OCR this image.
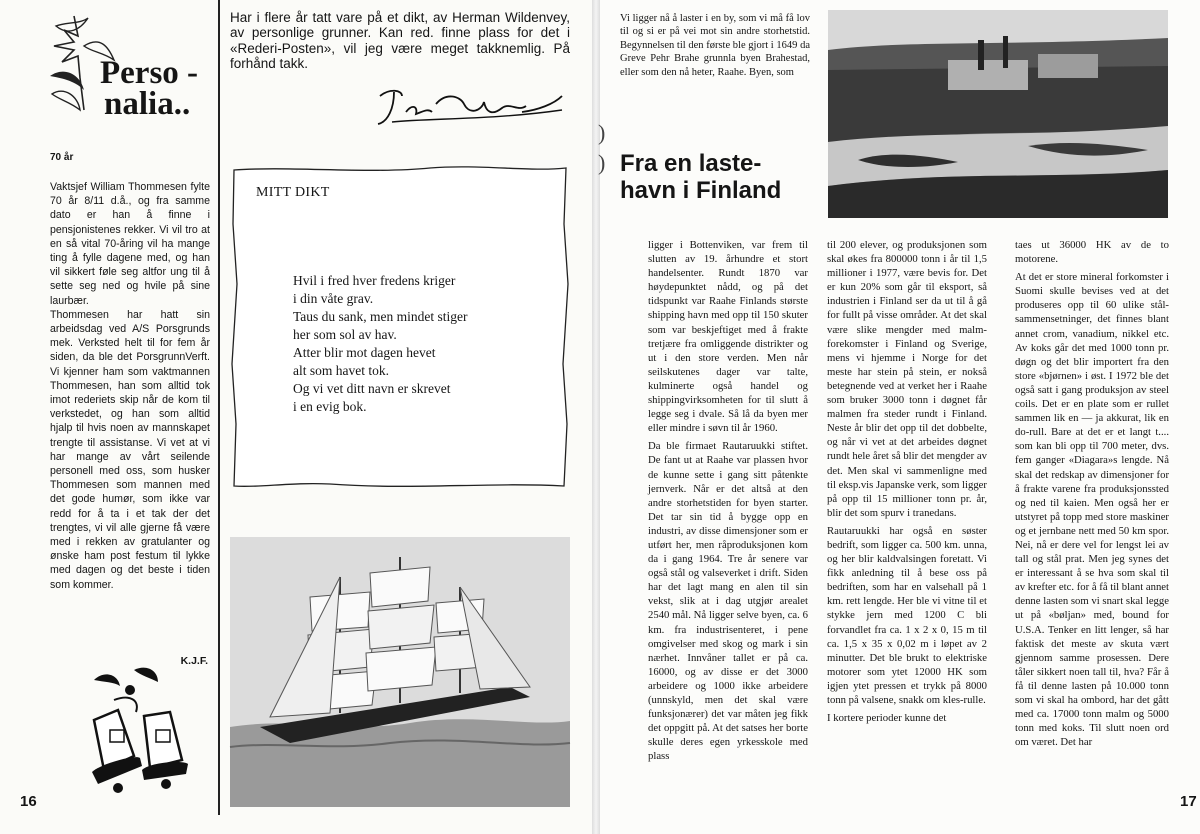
Perso -
nalia..
70 år

Vaktsjef William Thommesen fylte 70 år 8/11 d.å., og fra samme dato er han å finne i pensjonistenes rekker. Vi vil tro at en så vital 70-åring vil ha mange ting å fylle dagene med, og han vil sikkert føle seg altfor ung til å sette seg ned og hvile på sine laurbær.

Thommesen har hatt sin arbeidsdag ved A/S Porsgrunds mek. Verksted helt til for fem år siden, da ble det PorsgrunnVerft. Vi kjenner ham som vaktmannen Thommesen, han som alltid tok imot rederiets skip når de kom til verkstedet, og han som alltid hjalp til hvis noen av mannskapet trengte til assistanse. Vi vet at vi har mange av vårt seilende personell med oss, som husker Thommesen som mannen med det gode humør, som ikke var redd for å ta i et tak der det trengtes, vi vil alle gjerne få være med i rekken av gratulanter og ønske ham post festum til lykke med dagen og det beste i tiden som kommer.

K.J.F.
16
Har i flere år tatt vare på et dikt, av Herman Wildenvey, av personlige grunner. Kan red. finne plass for det i «Rederi-Posten», vil jeg være meget takknemlig. På forhånd takk.
MITT DIKT
Hvil i fred hver fredens kriger
i din våte grav.
Taus du sank, men mindet stiger
her som sol av hav.
Atter blir mot dagen hevet
alt som havet tok.
Og vi vet ditt navn er skrevet
i en evig bok.
Vi ligger nå å laster i en by, som vi må få lov til og si er på vei mot sin andre storhetstid. Begynnelsen til den første ble gjort i 1649 da Greve Pehr Brahe grunnla byen Brahestad, eller som den nå heter, Raahe. Byen, som
)
) Fra en laste-
havn i Finland

ligger i Bottenviken, var frem til slutten av 19. århundre et stort handelsenter. Rundt 1870 var høydepunktet nådd, og på det tidspunkt var Raahe Finlands største shipping havn med opp til 150 skuter som var beskjeftiget med å frakte tretjære fra omliggende distrikter og ut i den store verden. Men når seilskutenes dager var talte, kulminerte også handel og shippingvirksomheten for til slutt å legge seg i dvale. Så lå da byen mer eller mindre i søvn til år 1960.

Da ble firmaet Rautaruukki stiftet. De fant ut at Raahe var plassen hvor de kunne sette i gang sitt påtenkte jernverk. Når er det altså at den andre storhetstiden for byen starter. Det tar sin tid å bygge opp en industri, av disse dimensjoner som er utført her, men råproduksjonen kom da i gang 1964. Tre år senere var også stål og valseverket i drift. Siden har det lagt mang en alen til sin vekst, slik at i dag utgjør arealet 2540 mål. Nå ligger selve byen, ca. 6 km. fra industrisenteret, i pene omgivelser med skog og mark i sin nærhet. Innvåner tallet er på ca. 16000, og av disse er det 3000 arbeidere og 1000 ikke arbeidere (unnskyld, men det skal være funksjonærer) det var måten jeg fikk det oppgitt på. At det satses her borte skulle deres egen yrkesskole med plass

til 200 elever, og produksjonen som skal økes fra 800000 tonn i år til 1,5 millioner i 1977, være bevis for. Det er kun 20% som går til eksport, så industrien i Finland ser da ut til å gå for fullt på visse områder. At det skal være slike mengder med malm-forekomster i Finland og Sverige, mens vi hjemme i Norge for det meste har stein på stein, er nokså betegnende ved at verket her i Raahe som bruker 3000 tonn i døgnet får malmen fra steder rundt i Finland. Neste år blir det opp til det dobbelte, og når vi vet at det arbeides døgnet rundt hele året så blir det mengder av det. Men skal vi sammenligne med til eksp.vis Japanske verk, som ligger på opp til 15 millioner tonn pr. år, blir det som spurv i tranedans.

Rautaruukki har også en søster bedrift, som ligger ca. 500 km. unna, og her blir kaldvalsingen foretatt. Vi fikk anledning til å bese oss på bedriften, som har en valsehall på 1 km. rett lengde. Her ble vi vitne til et stykke jern med 1200 C bli forvandlet fra ca. 1 x 2 x 0, 15 m til ca. 1,5 x 35 x 0,02 m i løpet av 2 minutter. Det ble brukt to elektriske motorer som ytet 12000 HK som igjen ytet pressen et trykk på 8000 tonn på valsene, snakk om kles-rulle.

I kortere perioder kunne det

taes ut 36000 HK av de to motorene.

At det er store mineral forkomster i Suomi skulle bevises ved at det produseres opp til 60 ulike stål-sammensetninger, det finnes blant annet crom, vanadium, nikkel etc. Av koks går det med 1000 tonn pr. døgn og det blir importert fra den store «bjørnen» i øst. I 1972 ble det også satt i gang produksjon av steel coils. Det er en plate som er rullet sammen lik en — ja akkurat, lik en do-rull. Bare at det er et langt t.... som kan bli opp til 700 meter, dvs. fem ganger «Diagara»s lengde. Nå skal det redskap av dimensjoner for å frakte varene fra produksjonssted og ned til kaien. Men også her er utstyret på topp med store maskiner og et jernbane nett med 50 km spor. Nei, nå er dere vel for lengst lei av tall og stål prat. Men jeg synes det er interessant å se hva som skal til av krefter etc. for å få til blant annet denne lasten som vi snart skal legge ut på «bøljan» med, bound for U.S.A. Tenker en litt lenger, så har faktisk det meste av skuta vært gjennom samme prosessen. Dere tåler sikkert noen tall til, hva? Får å få til denne lasten på 10.000 tonn som vi skal ha ombord, har det gått med ca. 17000 tonn malm og 5000 tonn med koks. Til slutt noen ord om været. Det har

17
